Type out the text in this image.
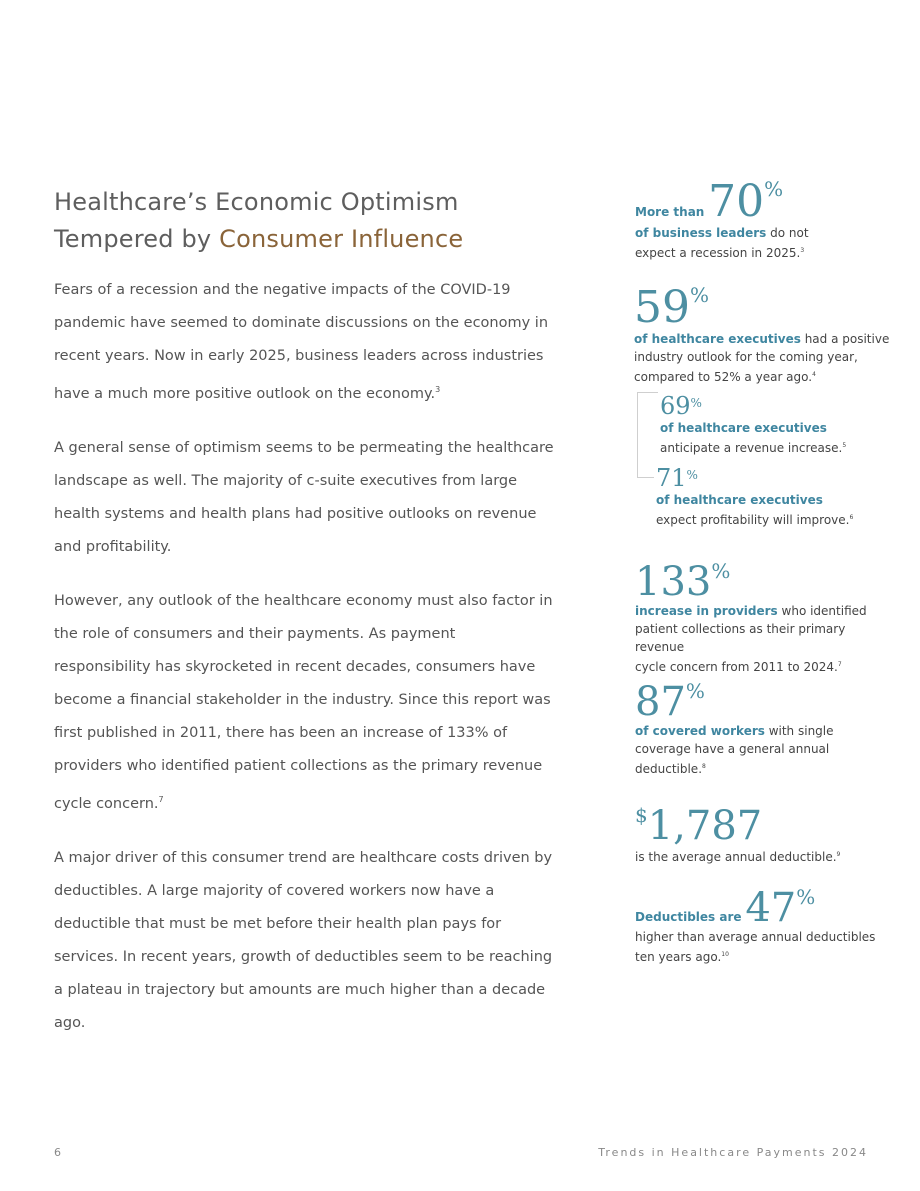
Healthcare’s Economic Optimism
Tempered by Consumer Influence

Fears of a recession and the negative impacts of the COVID-19 pandemic have seemed to dominate discussions on the economy in recent years. Now in early 2025, business leaders across industries have a much more positive outlook on the economy.$^3$

A general sense of optimism seems to be permeating the healthcare landscape as well. The majority of c-suite executives from large health systems and health plans had positive outlooks on revenue and profitability.

However, any outlook of the healthcare economy must also factor in the role of consumers and their payments. As payment responsibility has skyrocketed in recent decades, consumers have become a financial stakeholder in the industry. Since this report was first published in 2011, there has been an increase of 133% of providers who identified patient collections as the primary revenue cycle concern.$^7$

A major driver of this consumer trend are healthcare costs driven by deductibles. A large majority of covered workers now have a deductible that must be met before their health plan pays for services. In recent years, growth of deductibles seem to be reaching a plateau in trajectory but amounts are much higher than a decade ago.

More than 70%
of business leaders do not
expect a recession in 2025.$^3$
59%
of healthcare executives had a positive
industry outlook for the coming year,
compared to 52% a year ago.$^4$
69%
of healthcare executives
anticipate a revenue increase.$^5$
71%
of healthcare executives
expect profitability will improve.$^6$
133%
increase in providers who identified
patient collections as their primary revenue
cycle concern from 2011 to 2024.$^7$
87%
of covered workers with single
coverage have a general annual
deductible.$^8$
$1,787
is the average annual deductible.$^9$
Deductibles are 47%
higher than average annual deductibles
ten years ago.$^{10}$
6	Trends in Healthcare Payments 2024
